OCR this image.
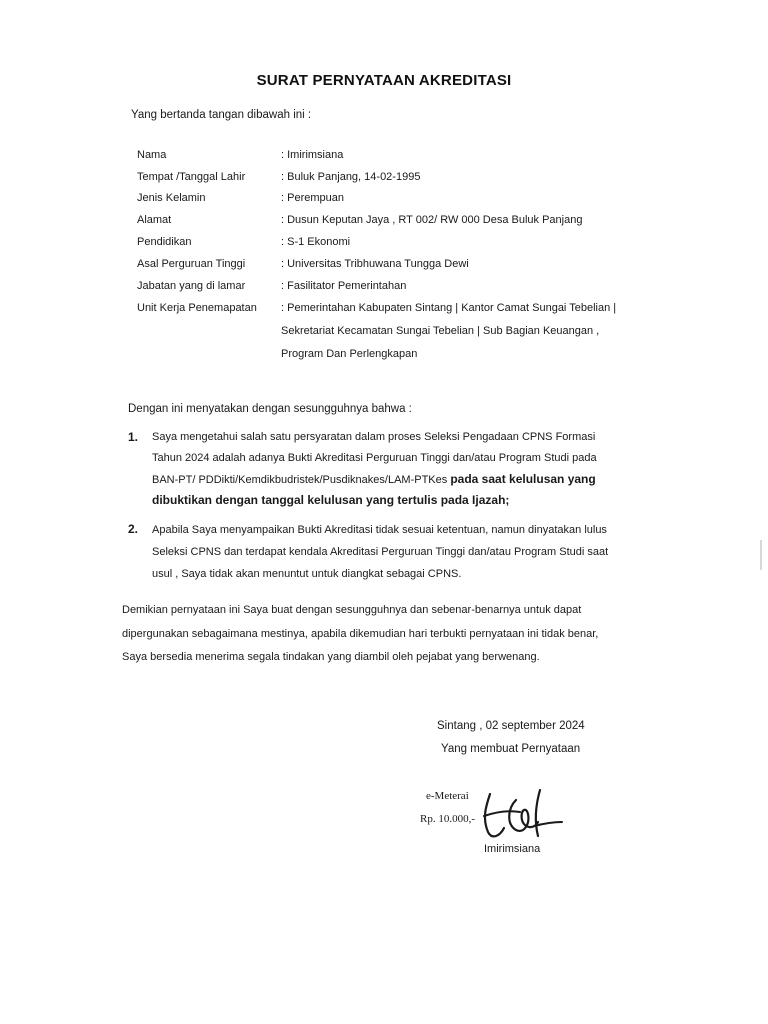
SURAT PERNYATAAN AKREDITASI
Yang bertanda tangan dibawah ini :
Nama	: Imirimsiana
Tempat /Tanggal Lahir	: Buluk Panjang, 14-02-1995
Jenis Kelamin	: Perempuan
Alamat	: Dusun Keputan Jaya , RT 002/ RW 000 Desa Buluk Panjang
Pendidikan	: S-1 Ekonomi
Asal Perguruan Tinggi	: Universitas Tribhuwana Tungga Dewi
Jabatan yang di lamar	: Fasilitator Pemerintahan
Unit Kerja Penemapatan : Pemerintahan Kabupaten Sintang | Kantor Camat Sungai Tebelian |
Sekretariat Kecamatan Sungai Tebelian | Sub Bagian Keuangan ,
Program Dan Perlengkapan
Dengan ini menyatakan dengan sesungguhnya bahwa :
1. Saya mengetahui salah satu persyaratan dalam proses Seleksi Pengadaan CPNS Formasi
Tahun 2024 adalah adanya Bukti Akreditasi Perguruan Tinggi dan/atau Program Studi pada
BAN-PT/ PDDikti/Kemdikbudristek/Pusdiknakes/LAM-PTKes pada saat kelulusan yang
dibuktikan dengan tanggal kelulusan yang tertulis pada Ijazah;
2. Apabila Saya menyampaikan Bukti Akreditasi tidak sesuai ketentuan, namun dinyatakan lulus
Seleksi CPNS dan terdapat kendala Akreditasi Perguruan Tinggi dan/atau Program Studi saat
usul , Saya tidak akan menuntut untuk diangkat sebagai CPNS.
Demikian pernyataan ini Saya buat dengan sesungguhnya dan sebenar-benarnya untuk dapat
dipergunakan sebagaimana mestinya, apabila dikemudian hari terbukti pernyataan ini tidak benar,
Saya bersedia menerima segala tindakan yang diambil oleh pejabat yang berwenang.
Sintang , 02 september 2024
Yang membuat Pernyataan
e-Meterai
Rp. 10.000,-
Imirimsiana
